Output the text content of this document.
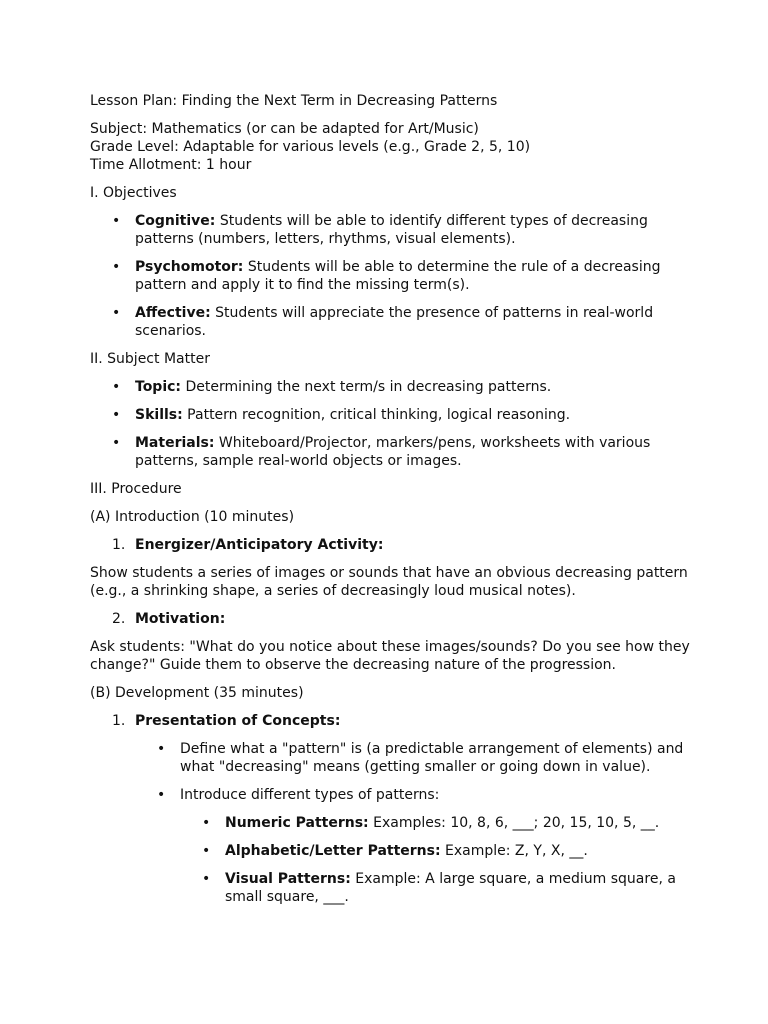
Lesson Plan: Finding the Next Term in Decreasing Patterns

Subject: Mathematics (or can be adapted for Art/Music)

Grade Level: Adaptable for various levels (e.g., Grade 2, 5, 10)

Time Allotment: 1 hour

I. Objectives

• Cognitive: Students will be able to identify different types of decreasing patterns (numbers, letters, rhythms, visual elements).
• Psychomotor: Students will be able to determine the rule of a decreasing pattern and apply it to find the missing term(s).
• Affective: Students will appreciate the presence of patterns in real-world scenarios.

II. Subject Matter

• Topic: Determining the next term/s in decreasing patterns.
• Skills: Pattern recognition, critical thinking, logical reasoning.
• Materials: Whiteboard/Projector, markers/pens, worksheets with various patterns, sample real-world objects or images.

III. Procedure

(A) Introduction (10 minutes)

1. Energizer/Anticipatory Activity:

Show students a series of images or sounds that have an obvious decreasing pattern (e.g., a shrinking shape, a series of decreasingly loud musical notes).

2. Motivation:

Ask students: "What do you notice about these images/sounds? Do you see how they change?" Guide them to observe the decreasing nature of the progression.

(B) Development (35 minutes)

1. Presentation of Concepts:
• Define what a "pattern" is (a predictable arrangement of elements) and what "decreasing" means (getting smaller or going down in value).
• Introduce different types of patterns:
• Numeric Patterns: Examples: 10, 8, 6, ___; 20, 15, 10, 5, __.
• Alphabetic/Letter Patterns: Example: Z, Y, X, __.
• Visual Patterns: Example: A large square, a medium square, a small square, ___.
